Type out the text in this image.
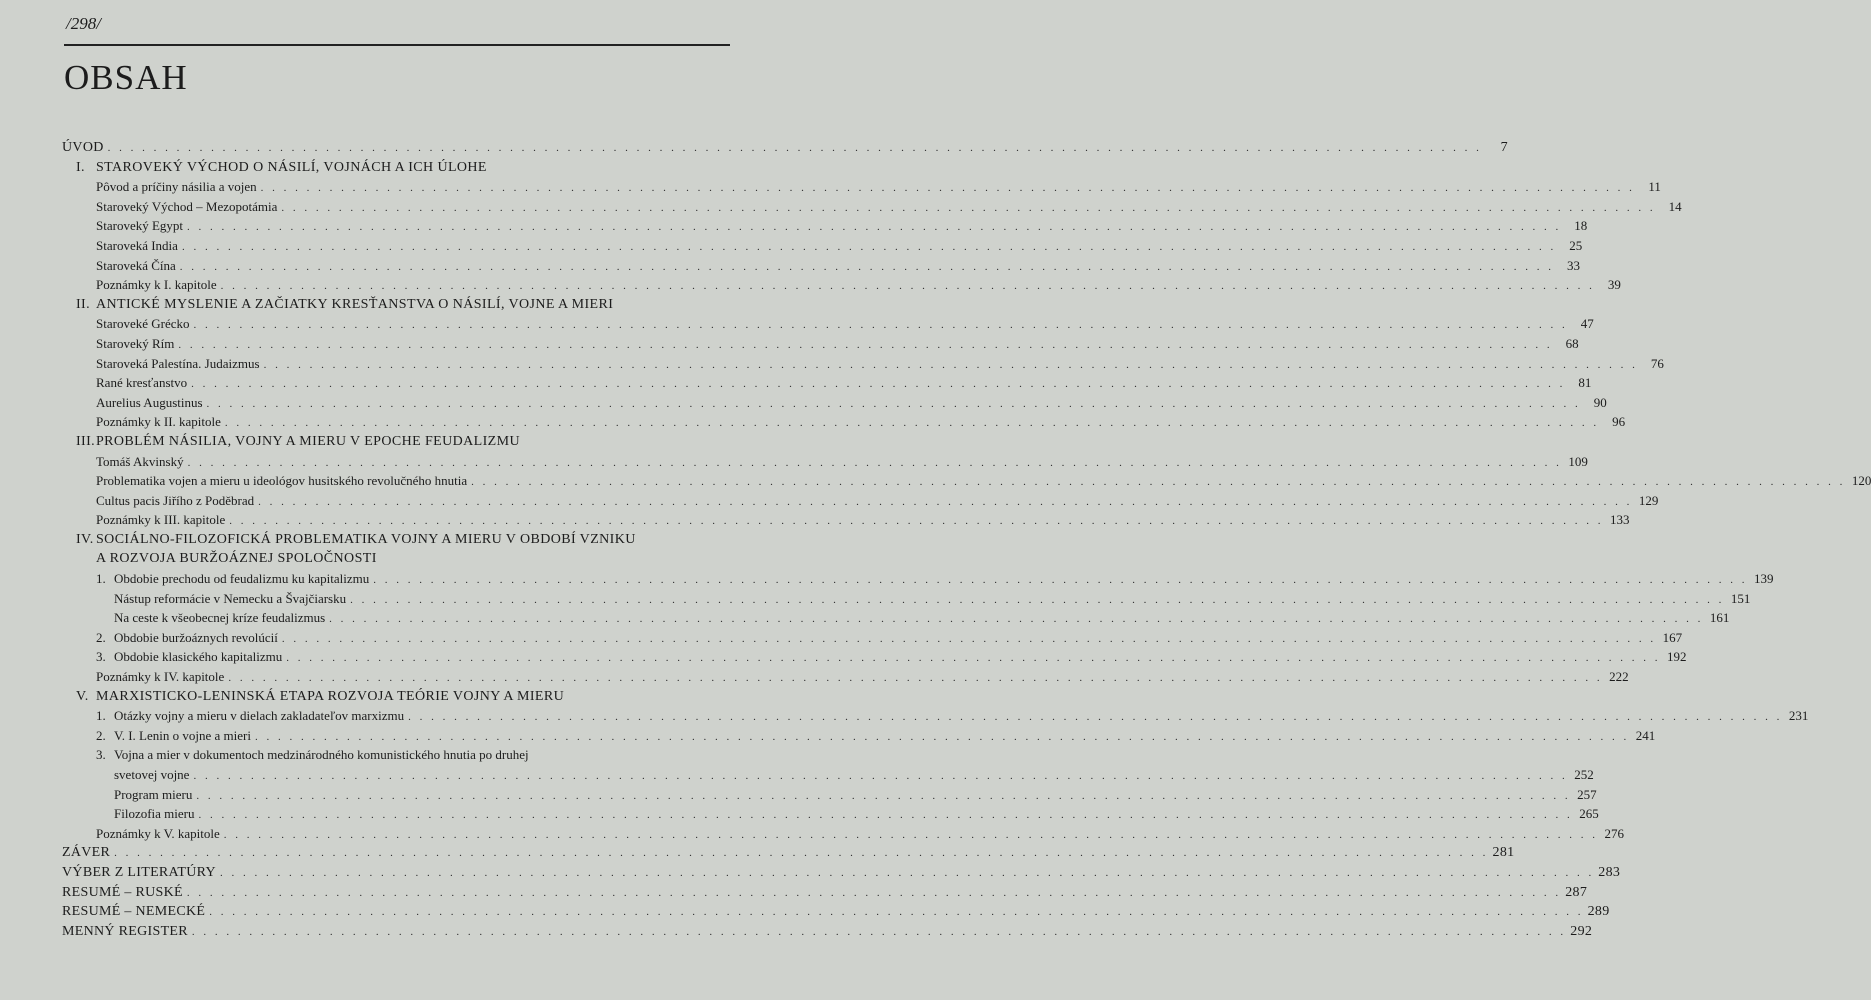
/298/
OBSAH
ÚVOD . . . . . . . . . . . . . . . . . . . . . . . . . . . . . . . . . . . . . . . . . . . . . . . . . . . . . . . . . . . . . . . . . . . . . . . . . . . . . . . . . . . . . . . . . . . . . . . . . . . . . . . . . . . . . . . . . . . . . . . .	7
I. STAROVEKÝ VÝCHOD O NÁSILÍ, VOJNÁCH A ICH ÚLOHE
Pôvod a príčiny násilia a vojen . . . . . . . . . . . . . . . . . . . . . . . . . . . . . . . . . . . . . . . . . . . . . . . . . . . . . . . . . . . . . . . . . . . . . . . . . . . . . . . . . . . . . . . . . . . . . . . . . . . . . . . . . . . . . . . . . . . . . . . .	11
Staroveký Východ – Mezopotámia . . . . . . . . . . . . . . . . . . . . . . . . . . . . . . . . . . . . . . . . . . . . . . . . . . . . . . . . . . . . . . . . . . . . . . . . . . . . . . . . . . . . . . . . . . . . . . . . . . . . . . . . . . . . . . . . . . . . . . . .	14
Staroveký Egypt . . . . . . . . . . . . . . . . . . . . . . . . . . . . . . . . . . . . . . . . . . . . . . . . . . . . . . . . . . . . . . . . . . . . . . . . . . . . . . . . . . . . . . . . . . . . . . . . . . . . . . . . . . . . . . . . . . . . . . . .	18
Staroveká India . . . . . . . . . . . . . . . . . . . . . . . . . . . . . . . . . . . . . . . . . . . . . . . . . . . . . . . . . . . . . . . . . . . . . . . . . . . . . . . . . . . . . . . . . . . . . . . . . . . . . . . . . . . . . . . . . . . . . . . .	25
Staroveká Čína . . . . . . . . . . . . . . . . . . . . . . . . . . . . . . . . . . . . . . . . . . . . . . . . . . . . . . . . . . . . . . . . . . . . . . . . . . . . . . . . . . . . . . . . . . . . . . . . . . . . . . . . . . . . . . . . . . . . . . . .	33
Poznámky k I. kapitole . . . . . . . . . . . . . . . . . . . . . . . . . . . . . . . . . . . . . . . . . . . . . . . . . . . . . . . . . . . . . . . . . . . . . . . . . . . . . . . . . . . . . . . . . . . . . . . . . . . . . . . . . . . . . . . . . . . . . . . .	39
II. ANTICKÉ MYSLENIE A ZAČIATKY KRESŤANSTVA O NÁSILÍ, VOJNE A MIERI
Staroveké Grécko . . . . . . . . . . . . . . . . . . . . . . . . . . . . . . . . . . . . . . . . . . . . . . . . . . . . . . . . . . . . . . . . . . . . . . . . . . . . . . . . . . . . . . . . . . . . . . . . . . . . . . . . . . . . . . . . . . . . . . . .	47
Staroveký Rím . . . . . . . . . . . . . . . . . . . . . . . . . . . . . . . . . . . . . . . . . . . . . . . . . . . . . . . . . . . . . . . . . . . . . . . . . . . . . . . . . . . . . . . . . . . . . . . . . . . . . . . . . . . . . . . . . . . . . . . .	68
Staroveká Palestína. Judaizmus . . . . . . . . . . . . . . . . . . . . . . . . . . . . . . . . . . . . . . . . . . . . . . . . . . . . . . . . . . . . . . . . . . . . . . . . . . . . . . . . . . . . . . . . . . . . . . . . . . . . . . . . . . . . . . . . . . . . . . . .	76
Rané kresťanstvo . . . . . . . . . . . . . . . . . . . . . . . . . . . . . . . . . . . . . . . . . . . . . . . . . . . . . . . . . . . . . . . . . . . . . . . . . . . . . . . . . . . . . . . . . . . . . . . . . . . . . . . . . . . . . . . . . . . . . . . .	81
Aurelius Augustinus . . . . . . . . . . . . . . . . . . . . . . . . . . . . . . . . . . . . . . . . . . . . . . . . . . . . . . . . . . . . . . . . . . . . . . . . . . . . . . . . . . . . . . . . . . . . . . . . . . . . . . . . . . . . . . . . . . . . . . . .	90
Poznámky k II. kapitole . . . . . . . . . . . . . . . . . . . . . . . . . . . . . . . . . . . . . . . . . . . . . . . . . . . . . . . . . . . . . . . . . . . . . . . . . . . . . . . . . . . . . . . . . . . . . . . . . . . . . . . . . . . . . . . . . . . . . . . .	96
III. PROBLÉM NÁSILIA, VOJNY A MIERU V EPOCHE FEUDALIZMU
Tomáš Akvinský . . . . . . . . . . . . . . . . . . . . . . . . . . . . . . . . . . . . . . . . . . . . . . . . . . . . . . . . . . . . . . . . . . . . . . . . . . . . . . . . . . . . . . . . . . . . . . . . . . . . . . . . . . . . . . . . . . . . . . . . 109
Problematika vojen a mieru u ideológov husitského revolučného hnutia . . . . . . . . . . . . . . . . . . . . . . . . . . . . . . . . . . . . . . . . . . . . . . . . . . . . . . . . . . . . . . . . . . . . . . . . . . . . . . . . . . . . . . . . . . . . . . . . . . . . . . . . . . . . . . . . . . . . . . . . 120
Cultus pacis Jiřího z Poděbrad . . . . . . . . . . . . . . . . . . . . . . . . . . . . . . . . . . . . . . . . . . . . . . . . . . . . . . . . . . . . . . . . . . . . . . . . . . . . . . . . . . . . . . . . . . . . . . . . . . . . . . . . . . . . . . . . . . . . . . . . 129
Poznámky k III. kapitole . . . . . . . . . . . . . . . . . . . . . . . . . . . . . . . . . . . . . . . . . . . . . . . . . . . . . . . . . . . . . . . . . . . . . . . . . . . . . . . . . . . . . . . . . . . . . . . . . . . . . . . . . . . . . . . . . . . . . . . . 133
IV. SOCIÁLNO-FILOZOFICKÁ PROBLEMATIKA VOJNY A MIERU V OBDOBÍ VZNIKU
A ROZVOJA BURŽOÁZNEJ SPOLOČNOSTI
1. Obdobie prechodu od feudalizmu ku kapitalizmu . . . . . . . . . . . . . . . . . . . . . . . . . . . . . . . . . . . . . . . . . . . . . . . . . . . . . . . . . . . . . . . . . . . . . . . . . . . . . . . . . . . . . . . . . . . . . . . . . . . . . . . . . . . . . . . . . . . . . . . . 139
Nástup reformácie v Nemecku a Švajčiarsku . . . . . . . . . . . . . . . . . . . . . . . . . . . . . . . . . . . . . . . . . . . . . . . . . . . . . . . . . . . . . . . . . . . . . . . . . . . . . . . . . . . . . . . . . . . . . . . . . . . . . . . . . . . . . . . . . . . . . . . . 151
Na ceste k všeobecnej kríze feudalizmus . . . . . . . . . . . . . . . . . . . . . . . . . . . . . . . . . . . . . . . . . . . . . . . . . . . . . . . . . . . . . . . . . . . . . . . . . . . . . . . . . . . . . . . . . . . . . . . . . . . . . . . . . . . . . . . . . . . . . . . . 161
2. Obdobie buržoáznych revolúcií . . . . . . . . . . . . . . . . . . . . . . . . . . . . . . . . . . . . . . . . . . . . . . . . . . . . . . . . . . . . . . . . . . . . . . . . . . . . . . . . . . . . . . . . . . . . . . . . . . . . . . . . . . . . . . . . . . . . . . . . 167
3. Obdobie klasického kapitalizmu . . . . . . . . . . . . . . . . . . . . . . . . . . . . . . . . . . . . . . . . . . . . . . . . . . . . . . . . . . . . . . . . . . . . . . . . . . . . . . . . . . . . . . . . . . . . . . . . . . . . . . . . . . . . . . . . . . . . . . . . 192
Poznámky k IV. kapitole . . . . . . . . . . . . . . . . . . . . . . . . . . . . . . . . . . . . . . . . . . . . . . . . . . . . . . . . . . . . . . . . . . . . . . . . . . . . . . . . . . . . . . . . . . . . . . . . . . . . . . . . . . . . . . . . . . . . . . . . 222
V. MARXISTICKO-LENINSKÁ ETAPA ROZVOJA TEÓRIE VOJNY A MIERU
1. Otázky vojny a mieru v dielach zakladateľov marxizmu . . . . . . . . . . . . . . . . . . . . . . . . . . . . . . . . . . . . . . . . . . . . . . . . . . . . . . . . . . . . . . . . . . . . . . . . . . . . . . . . . . . . . . . . . . . . . . . . . . . . . . . . . . . . . . . . . . . . . . . . 231
2. V. I. Lenin o vojne a mieri . . . . . . . . . . . . . . . . . . . . . . . . . . . . . . . . . . . . . . . . . . . . . . . . . . . . . . . . . . . . . . . . . . . . . . . . . . . . . . . . . . . . . . . . . . . . . . . . . . . . . . . . . . . . . . . . . . . . . . . . 241
3. Vojna a mier v dokumentoch medzinárodného komunistického hnutia po druhej
svetovej vojne . . . . . . . . . . . . . . . . . . . . . . . . . . . . . . . . . . . . . . . . . . . . . . . . . . . . . . . . . . . . . . . . . . . . . . . . . . . . . . . . . . . . . . . . . . . . . . . . . . . . . . . . . . . . . . . . . . . . . . . . 252
Program mieru . . . . . . . . . . . . . . . . . . . . . . . . . . . . . . . . . . . . . . . . . . . . . . . . . . . . . . . . . . . . . . . . . . . . . . . . . . . . . . . . . . . . . . . . . . . . . . . . . . . . . . . . . . . . . . . . . . . . . . . . 257
Filozofia mieru . . . . . . . . . . . . . . . . . . . . . . . . . . . . . . . . . . . . . . . . . . . . . . . . . . . . . . . . . . . . . . . . . . . . . . . . . . . . . . . . . . . . . . . . . . . . . . . . . . . . . . . . . . . . . . . . . . . . . . . . 265
Poznámky k V. kapitole . . . . . . . . . . . . . . . . . . . . . . . . . . . . . . . . . . . . . . . . . . . . . . . . . . . . . . . . . . . . . . . . . . . . . . . . . . . . . . . . . . . . . . . . . . . . . . . . . . . . . . . . . . . . . . . . . . . . . . . . 276
ZÁVER . . . . . . . . . . . . . . . . . . . . . . . . . . . . . . . . . . . . . . . . . . . . . . . . . . . . . . . . . . . . . . . . . . . . . . . . . . . . . . . . . . . . . . . . . . . . . . . . . . . . . . . . . . . . . . . . . . . . . . . . 281
VÝBER Z LITERATÚRY . . . . . . . . . . . . . . . . . . . . . . . . . . . . . . . . . . . . . . . . . . . . . . . . . . . . . . . . . . . . . . . . . . . . . . . . . . . . . . . . . . . . . . . . . . . . . . . . . . . . . . . . . . . . . . . . . . . . . . . . 283
RESUMÉ – RUSKÉ . . . . . . . . . . . . . . . . . . . . . . . . . . . . . . . . . . . . . . . . . . . . . . . . . . . . . . . . . . . . . . . . . . . . . . . . . . . . . . . . . . . . . . . . . . . . . . . . . . . . . . . . . . . . . . . . . . . . . . . . 287
RESUMÉ – NEMECKÉ . . . . . . . . . . . . . . . . . . . . . . . . . . . . . . . . . . . . . . . . . . . . . . . . . . . . . . . . . . . . . . . . . . . . . . . . . . . . . . . . . . . . . . . . . . . . . . . . . . . . . . . . . . . . . . . . . . . . . . . . 289
MENNÝ REGISTER . . . . . . . . . . . . . . . . . . . . . . . . . . . . . . . . . . . . . . . . . . . . . . . . . . . . . . . . . . . . . . . . . . . . . . . . . . . . . . . . . . . . . . . . . . . . . . . . . . . . . . . . . . . . . . . . . . . . . . . . 292
